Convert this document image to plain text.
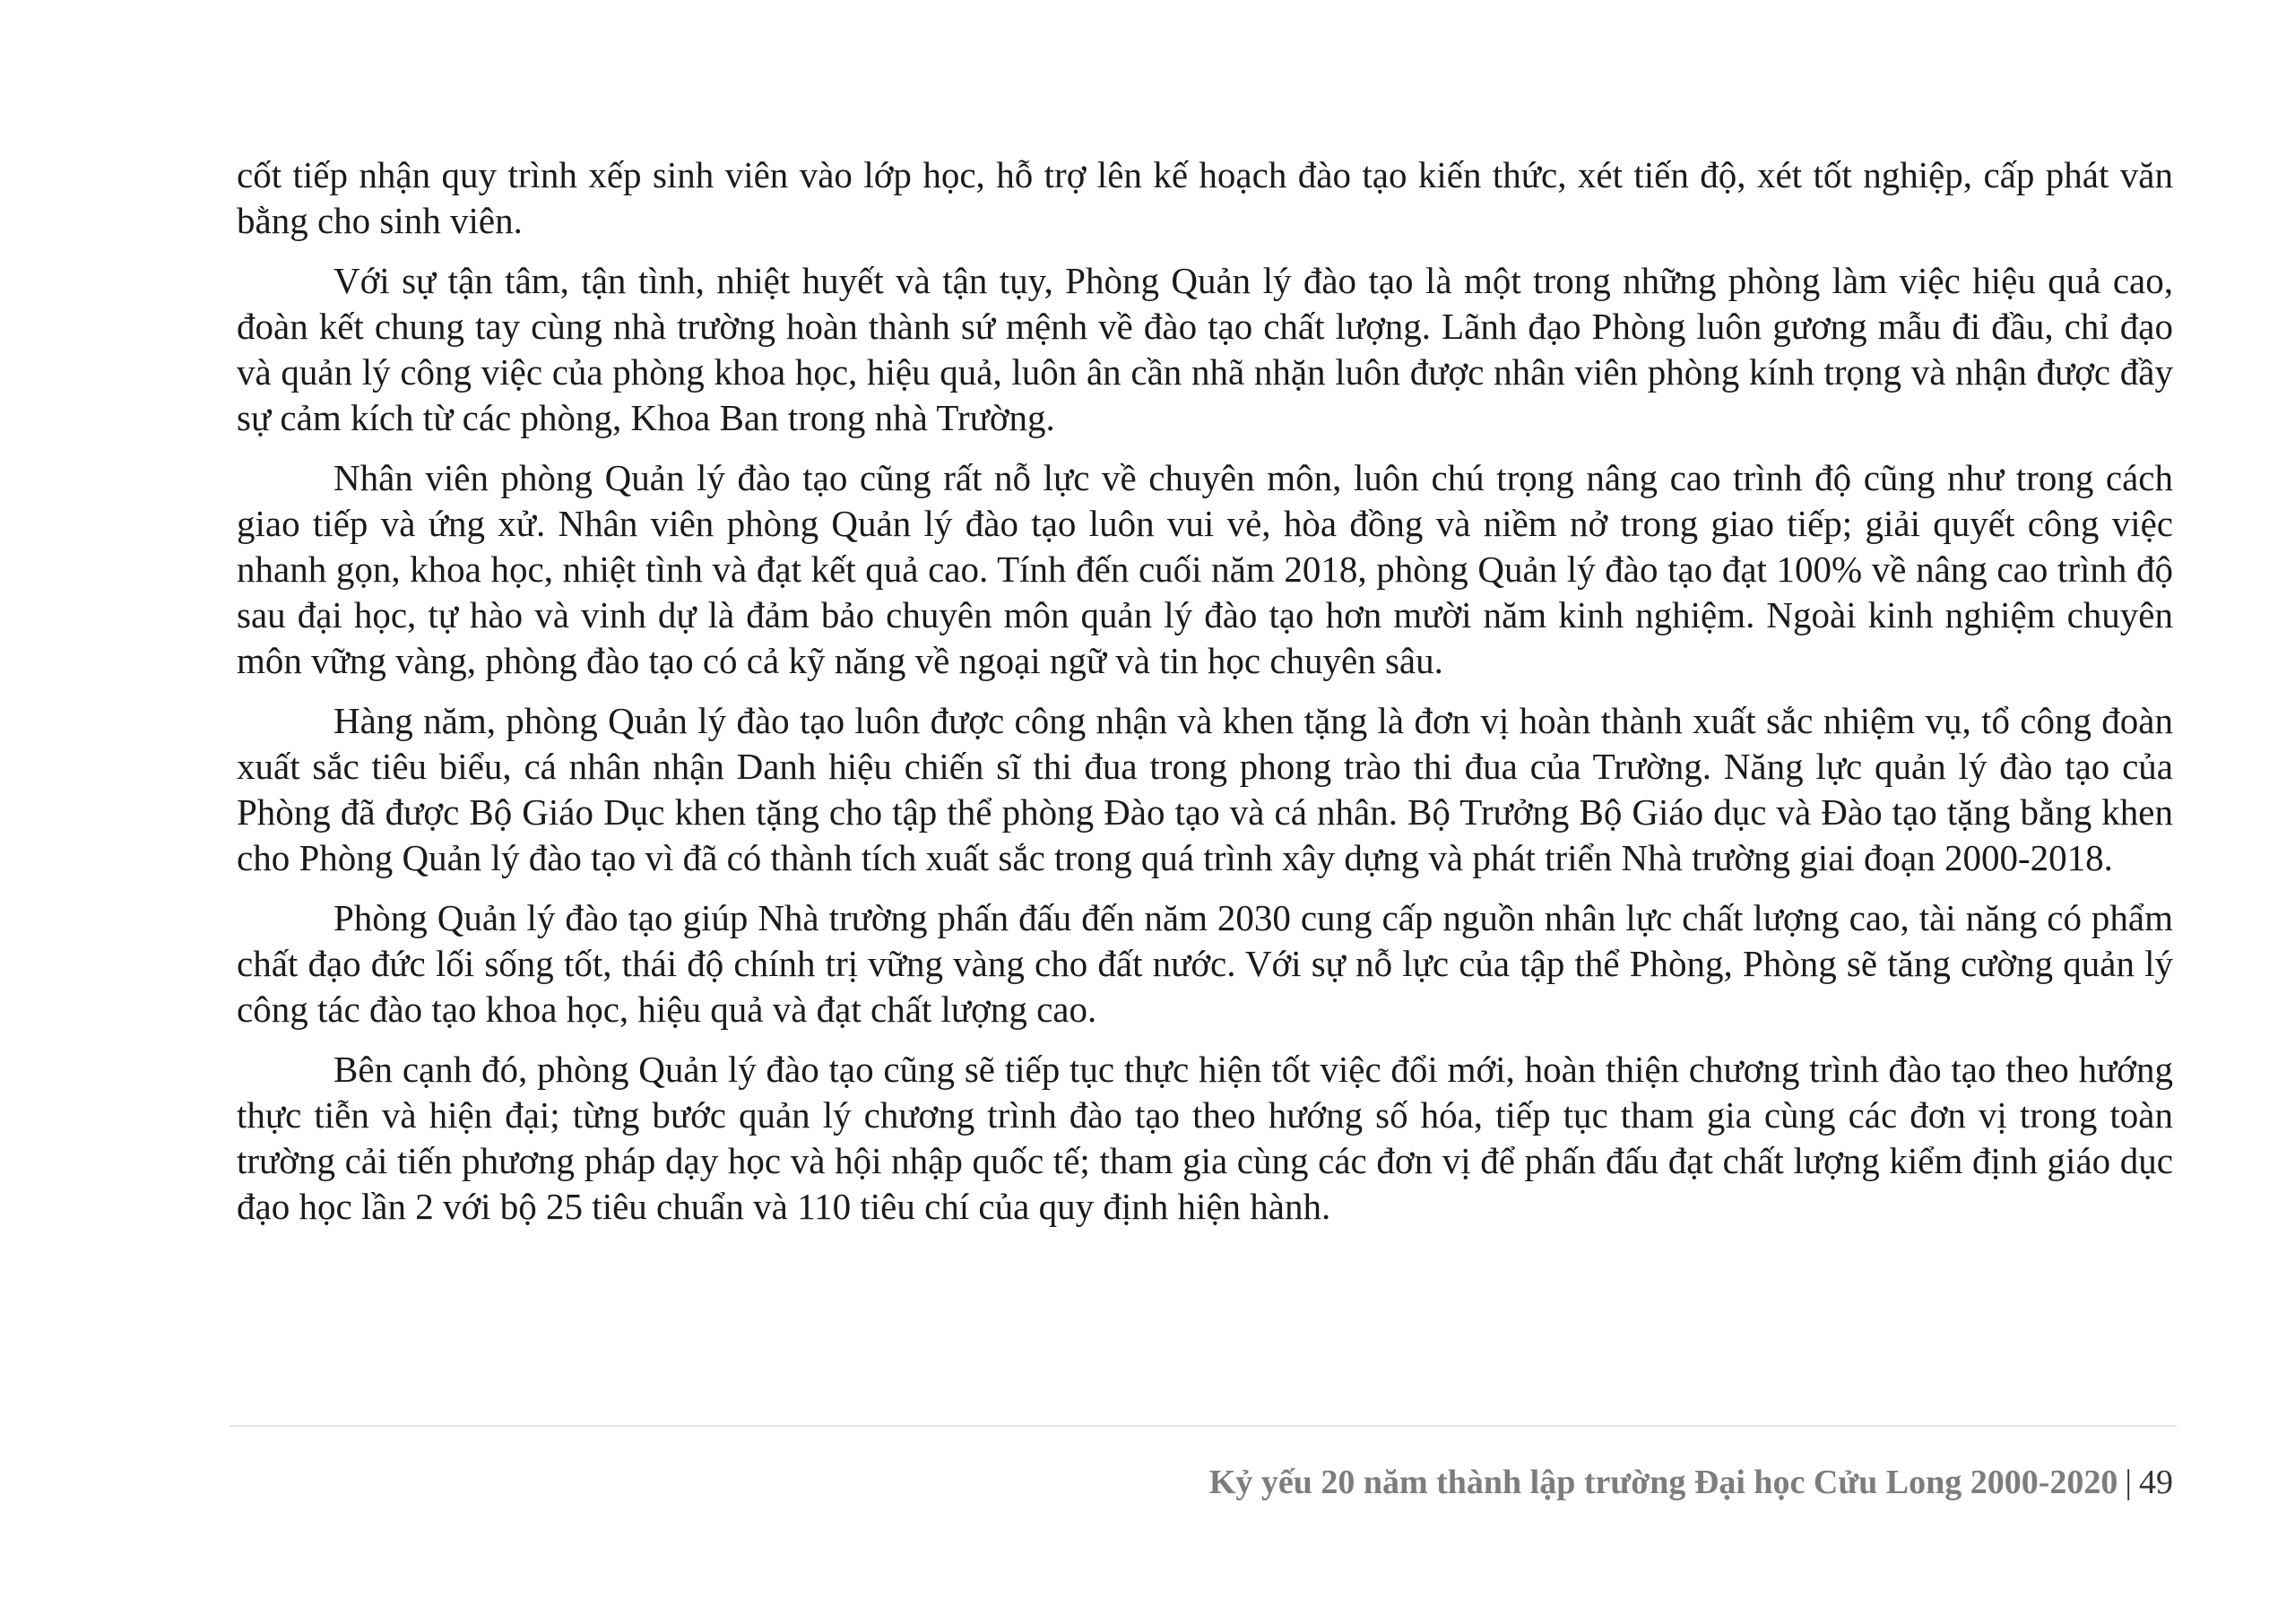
cốt tiếp nhận quy trình xếp sinh viên vào lớp học, hỗ trợ lên kế hoạch đào tạo kiến thức, xét tiến độ, xét tốt nghiệp, cấp phát văn bằng cho sinh viên.

Với sự tận tâm, tận tình, nhiệt huyết và tận tụy, Phòng Quản lý đào tạo là một trong những phòng làm việc hiệu quả cao, đoàn kết chung tay cùng nhà trường hoàn thành sứ mệnh về đào tạo chất lượng. Lãnh đạo Phòng luôn gương mẫu đi đầu, chỉ đạo và quản lý công việc của phòng khoa học, hiệu quả, luôn ân cần nhã nhặn luôn được nhân viên phòng kính trọng và nhận được đầy sự cảm kích từ các phòng, Khoa Ban trong nhà Trường.

Nhân viên phòng Quản lý đào tạo cũng rất nỗ lực về chuyên môn, luôn chú trọng nâng cao trình độ cũng như trong cách giao tiếp và ứng xử. Nhân viên phòng Quản lý đào tạo luôn vui vẻ, hòa đồng và niềm nở trong giao tiếp; giải quyết công việc nhanh gọn, khoa học, nhiệt tình và đạt kết quả cao. Tính đến cuối năm 2018, phòng Quản lý đào tạo đạt 100% về nâng cao trình độ sau đại học, tự hào và vinh dự là đảm bảo chuyên môn quản lý đào tạo hơn mười năm kinh nghiệm. Ngoài kinh nghiệm chuyên môn vững vàng, phòng đào tạo có cả kỹ năng về ngoại ngữ và tin học chuyên sâu.

Hàng năm, phòng Quản lý đào tạo luôn được công nhận và khen tặng là đơn vị hoàn thành xuất sắc nhiệm vụ, tổ công đoàn xuất sắc tiêu biểu, cá nhân nhận Danh hiệu chiến sĩ thi đua trong phong trào thi đua của Trường. Năng lực quản lý đào tạo của Phòng đã được Bộ Giáo Dục khen tặng cho tập thể phòng Đào tạo và cá nhân. Bộ Trưởng Bộ Giáo dục và Đào tạo tặng bằng khen cho Phòng Quản lý đào tạo vì đã có thành tích xuất sắc trong quá trình xây dựng và phát triển Nhà trường giai đoạn 2000-2018.

Phòng Quản lý đào tạo giúp Nhà trường phấn đấu đến năm 2030 cung cấp nguồn nhân lực chất lượng cao, tài năng có phẩm chất đạo đức lối sống tốt, thái độ chính trị vững vàng cho đất nước. Với sự nỗ lực của tập thể Phòng, Phòng sẽ tăng cường quản lý công tác đào tạo khoa học, hiệu quả và đạt chất lượng cao.

Bên cạnh đó, phòng Quản lý đào tạo cũng sẽ tiếp tục thực hiện tốt việc đổi mới, hoàn thiện chương trình đào tạo theo hướng thực tiễn và hiện đại; từng bước quản lý chương trình đào tạo theo hướng số hóa, tiếp tục tham gia cùng các đơn vị trong toàn trường cải tiến phương pháp dạy học và hội nhập quốc tế; tham gia cùng các đơn vị để phấn đấu đạt chất lượng kiểm định giáo dục đạo học lần 2 với bộ 25 tiêu chuẩn và 110 tiêu chí của quy định hiện hành.

Kỷ yếu 20 năm thành lập trường Đại học Cửu Long 2000-2020 | 49
